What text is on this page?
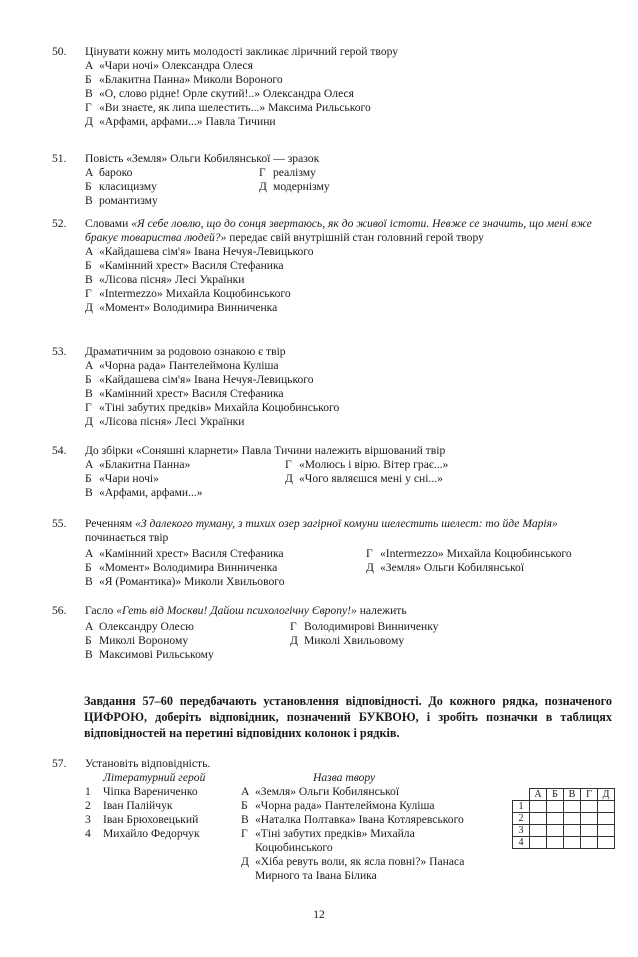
50.	Цінувати кожну мить молодості закликає ліричний герой твору
А «Чари ночі» Олександра Олеся
Б «Блакитна Панна» Миколи Вороного
В «О, слово рідне! Орле скутий!..» Олександра Олеся
Г «Ви знаєте, як липа шелестить...» Максима Рильського
Д «Арфами, арфами...» Павла Тичини
51.	Повість «Земля» Ольги Кобилянської — зразок
А бароко
Б класицизму
В романтизму
Г реалізму
Д модернізму
52.	Словами «Я себе ловлю, що до сонця звертаюсь, як до живої істоти. Невже се значить, що мені вже бракує товариства людей?» передає свій внутрішній стан головний герой твору
А «Кайдашева сім'я» Івана Нечуя-Левицького
Б «Камінний хрест» Василя Стефаника
В «Лісова пісня» Лесі Українки
Г «Intermezzo» Михайла Коцюбинського
Д «Момент» Володимира Винниченка
53.	Драматичним за родовою ознакою є твір
А «Чорна рада» Пантелеймона Куліша
Б «Кайдашева сім'я» Івана Нечуя-Левицького
В «Камінний хрест» Василя Стефаника
Г «Тіні забутих предків» Михайла Коцюбинського
Д «Лісова пісня» Лесі Українки
54.	До збірки «Соняшні кларнети» Павла Тичини належить віршований твір
А «Блакитна Панна»
Б «Чари ночі»
В «Арфами, арфами...»
Г «Молюсь і вірю. Вітер грає...»
Д «Чого являєшся мені у сні...»
55.	Реченням «З далекого туману, з тихих озер загірної комуни шелестить шелест: то йде Марія» починається твір
А «Камінний хрест» Василя Стефаника
Б «Момент» Володимира Винниченка
В «Я (Романтика)» Миколи Хвильового
Г «Intermezzo» Михайла Коцюбинського
Д «Земля» Ольги Кобилянської
56.	Гасло «Геть від Москви! Дайош психологічну Європу!» належить
А Олександру Олесю
Б Миколі Вороному
В Максимові Рильському
Г Володимирові Винниченку
Д Миколі Хвильовому
Завдання 57–60 передбачають установлення відповідності. До кожного рядка, позначеного ЦИФРОЮ, доберіть відповідник, позначений БУКВОЮ, і зробіть позначки в таблицях відповідностей на перетині відповідних колонок і рядків.
57.	Установіть відповідність.
Літературний герой
1	Чіпка Варениченко
2	Іван Палійчук
3	Іван Брюховецький
4	Михайло Федорчук
Назва твору
А «Земля» Ольги Кобилянської
Б «Чорна рада» Пантелеймона Куліша
В «Наталка Полтавка» Івана Котляревського
Г «Тіні забутих предків» Михайла Коцюбинського
Д «Хіба ревуть воли, як ясла повні?» Панаса Мирного та Івана Білика
	А	Б	В	Г	Д
1					
2					
3					
4					
12
